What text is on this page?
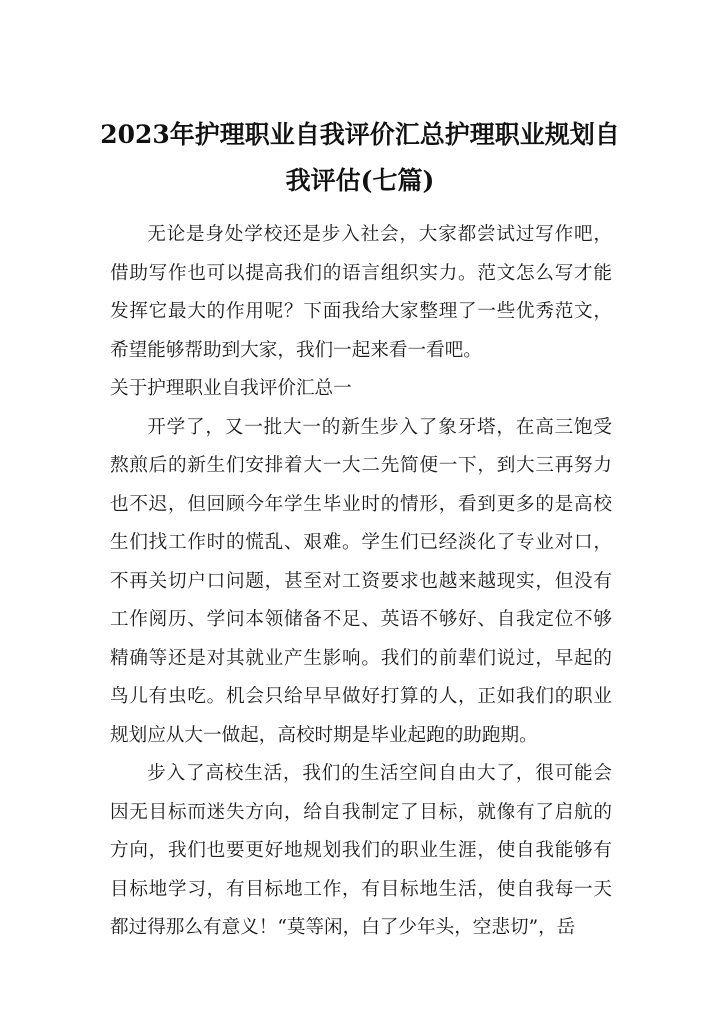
2023年护理职业自我评价汇总护理职业规划自我评估(七篇)

无论是身处学校还是步入社会，大家都尝试过写作吧，借助写作也可以提高我们的语言组织实力。范文怎么写才能发挥它最大的作用呢？下面我给大家整理了一些优秀范文，希望能够帮助到大家，我们一起来看一看吧。

关于护理职业自我评价汇总一

开学了，又一批大一的新生步入了象牙塔，在高三饱受熬煎后的新生们安排着大一大二先简便一下，到大三再努力也不迟，但回顾今年学生毕业时的情形，看到更多的是高校生们找工作时的慌乱、艰难。学生们已经淡化了专业对口，不再关切户口问题，甚至对工资要求也越来越现实，但没有工作阅历、学问本领储备不足、英语不够好、自我定位不够精确等还是对其就业产生影响。我们的前辈们说过，早起的鸟儿有虫吃。机会只给早早做好打算的人，正如我们的职业规划应从大一做起，高校时期是毕业起跑的助跑期。

步入了高校生活，我们的生活空间自由大了，很可能会因无目标而迷失方向，给自我制定了目标，就像有了启航的方向，我们也要更好地规划我们的职业生涯，使自我能够有目标地学习，有目标地工作，有目标地生活，使自我每一天都过得那么有意义！“莫等闲，白了少年头，空悲切”，岳
